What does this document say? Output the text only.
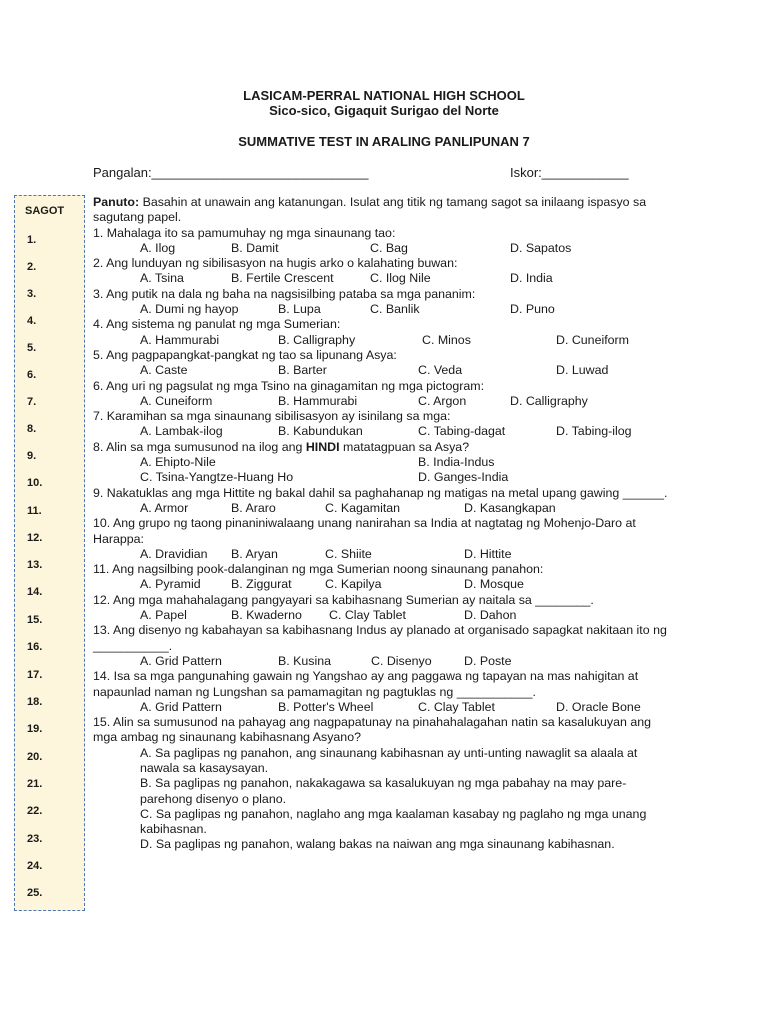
LASICAM-PERRAL NATIONAL HIGH SCHOOL
Sico-sico, Gigaquit Surigao del Norte
SUMMATIVE TEST IN ARALING PANLIPUNAN 7
Pangalan:______________________________	Iskor:____________
SAGOT
1.
2.
3.
4.
5.
6.
7.
8.
9.
10.
11.
12.
13.
14.
15.
16.
17.
18.
19.
20.
21.
22.
23.
24.
25.
Panuto: Basahin at unawain ang katanungan. Isulat ang titik ng tamang sagot sa inilaang ispasyo sa sagutang papel.
1. Mahalaga ito sa pamumuhay ng mga sinaunang tao:
A. Ilog	B. Damit	C. Bag	D. Sapatos
2. Ang lunduyan ng sibilisasyon na hugis arko o kalahating buwan:
A. Tsina	B. Fertile Crescent	C. Ilog Nile	D. India
3. Ang putik na dala ng baha na nagsisilbing pataba sa mga pananim:
A. Dumi ng hayop	B. Lupa	C. Banlik	D. Puno
4. Ang sistema ng panulat ng mga Sumerian:
A. Hammurabi	B. Calligraphy	C. Minos	D. Cuneiform
5. Ang pagpapangkat-pangkat ng tao sa lipunang Asya:
A. Caste	B. Barter	C. Veda	D. Luwad
6. Ang uri ng pagsulat ng mga Tsino na ginagamitan ng mga pictogram:
A. Cuneiform	B. Hammurabi	C. Argon	D. Calligraphy
7. Karamihan sa mga sinaunang sibilisasyon ay isinilang sa mga:
A. Lambak-ilog	B. Kabundukan	C. Tabing-dagat	D. Tabing-ilog
8. Alin sa mga sumusunod na ilog ang HINDI matatagpuan sa Asya?
A. Ehipto-Nile	B. India-Indus
C. Tsina-Yangtze-Huang Ho	D. Ganges-India
9. Nakatuklas ang mga Hittite ng bakal dahil sa paghahanap ng matigas na metal upang gawing ______.
A. Armor	B. Araro	C. Kagamitan	D. Kasangkapan
10. Ang grupo ng taong pinaniniwalaang unang nanirahan sa India at nagtatag ng Mohenjo-Daro at Harappa:
A. Dravidian B. Aryan	C. Shiite	D. Hittite
11. Ang nagsilbing pook-dalanginan ng mga Sumerian noong sinaunang panahon:
A. Pyramid B. Ziggurat	C. Kapilya	D. Mosque
12. Ang mga mahahalagang pangyayari sa kabihasnang Sumerian ay naitala sa ________.
A. Papel	B. Kwaderno C. Clay Tablet	D. Dahon
13. Ang disenyo ng kabahayan sa kabihasnang Indus ay planado at organisado sapagkat nakitaan ito ng ___________.
A. Grid Pattern	B. Kusina	C. Disenyo	D. Poste
14. Isa sa mga pangunahing gawain ng Yangshao ay ang paggawa ng tapayan na mas nahigitan at napaunlad naman ng Lungshan sa pamamagitan ng pagtuklas ng ___________.
A. Grid Pattern	B. Potter's Wheel	C. Clay Tablet	D. Oracle Bone
15. Alin sa sumusunod na pahayag ang nagpapatunay na pinahahalagahan natin sa kasalukuyan ang mga ambag ng sinaunang kabihasnang Asyano?
A. Sa paglipas ng panahon, ang sinaunang kabihasnan ay unti-unting nawaglit sa alaala at nawala sa kasaysayan.
B. Sa paglipas ng panahon, nakakagawa sa kasalukuyan ng mga pabahay na may pare-parehong disenyo o plano.
C. Sa paglipas ng panahon, naglaho ang mga kaalaman kasabay ng paglaho ng mga unang kabihasnan.
D. Sa paglipas ng panahon, walang bakas na naiwan ang mga sinaunang kabihasnan.
